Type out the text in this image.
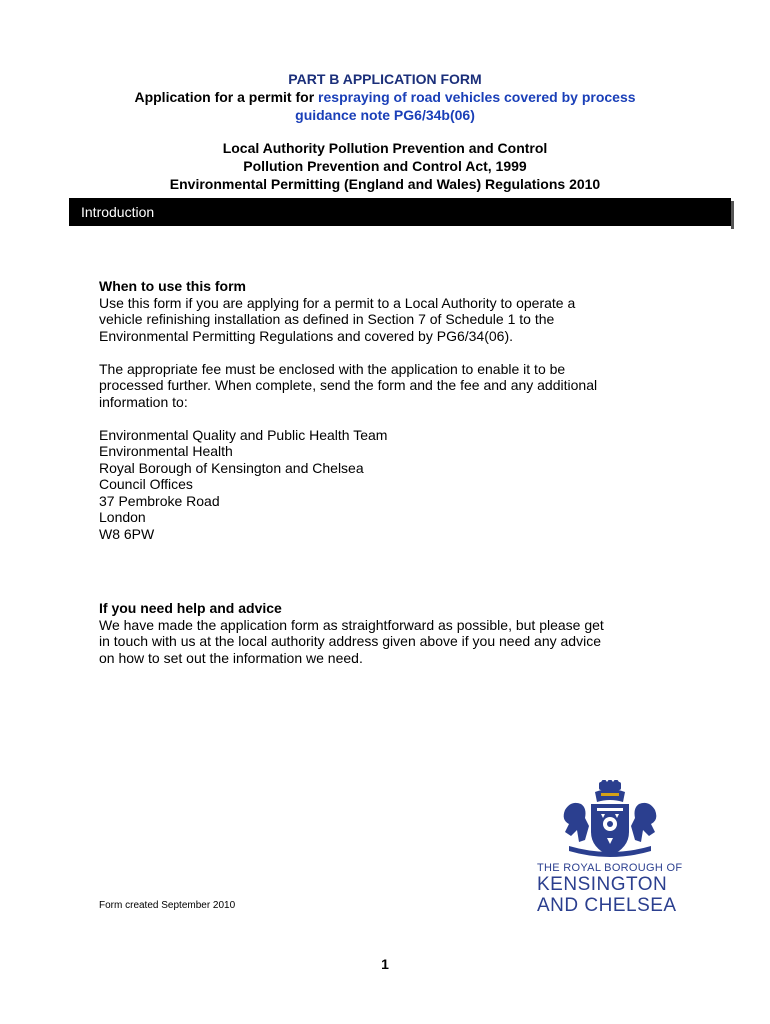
PART B APPLICATION FORM
Application for a permit for respraying of road vehicles covered by process
guidance note PG6/34b(06)
Local Authority Pollution Prevention and Control
Pollution Prevention and Control Act, 1999
Environmental Permitting (England and Wales) Regulations 2010
Introduction
When to use this form

Use this form if you are applying for a permit to a Local Authority to operate a
vehicle refinishing installation as defined in Section 7 of Schedule 1 to the
Environmental Permitting Regulations and covered by PG6/34(06).

The appropriate fee must be enclosed with the application to enable it to be
processed further. When complete, send the form and the fee and any additional
information to:

Environmental Quality and Public Health Team
Environmental Health
Royal Borough of Kensington and Chelsea
Council Offices
37 Pembroke Road
London
W8 6PW

If you need help and advice

We have made the application form as straightforward as possible, but please get
in touch with us at the local authority address given above if you need any advice
on how to set out the information we need.

THE ROYAL BOROUGH OF
KENSINGTON
AND CHELSEA
Form created September 2010
1
